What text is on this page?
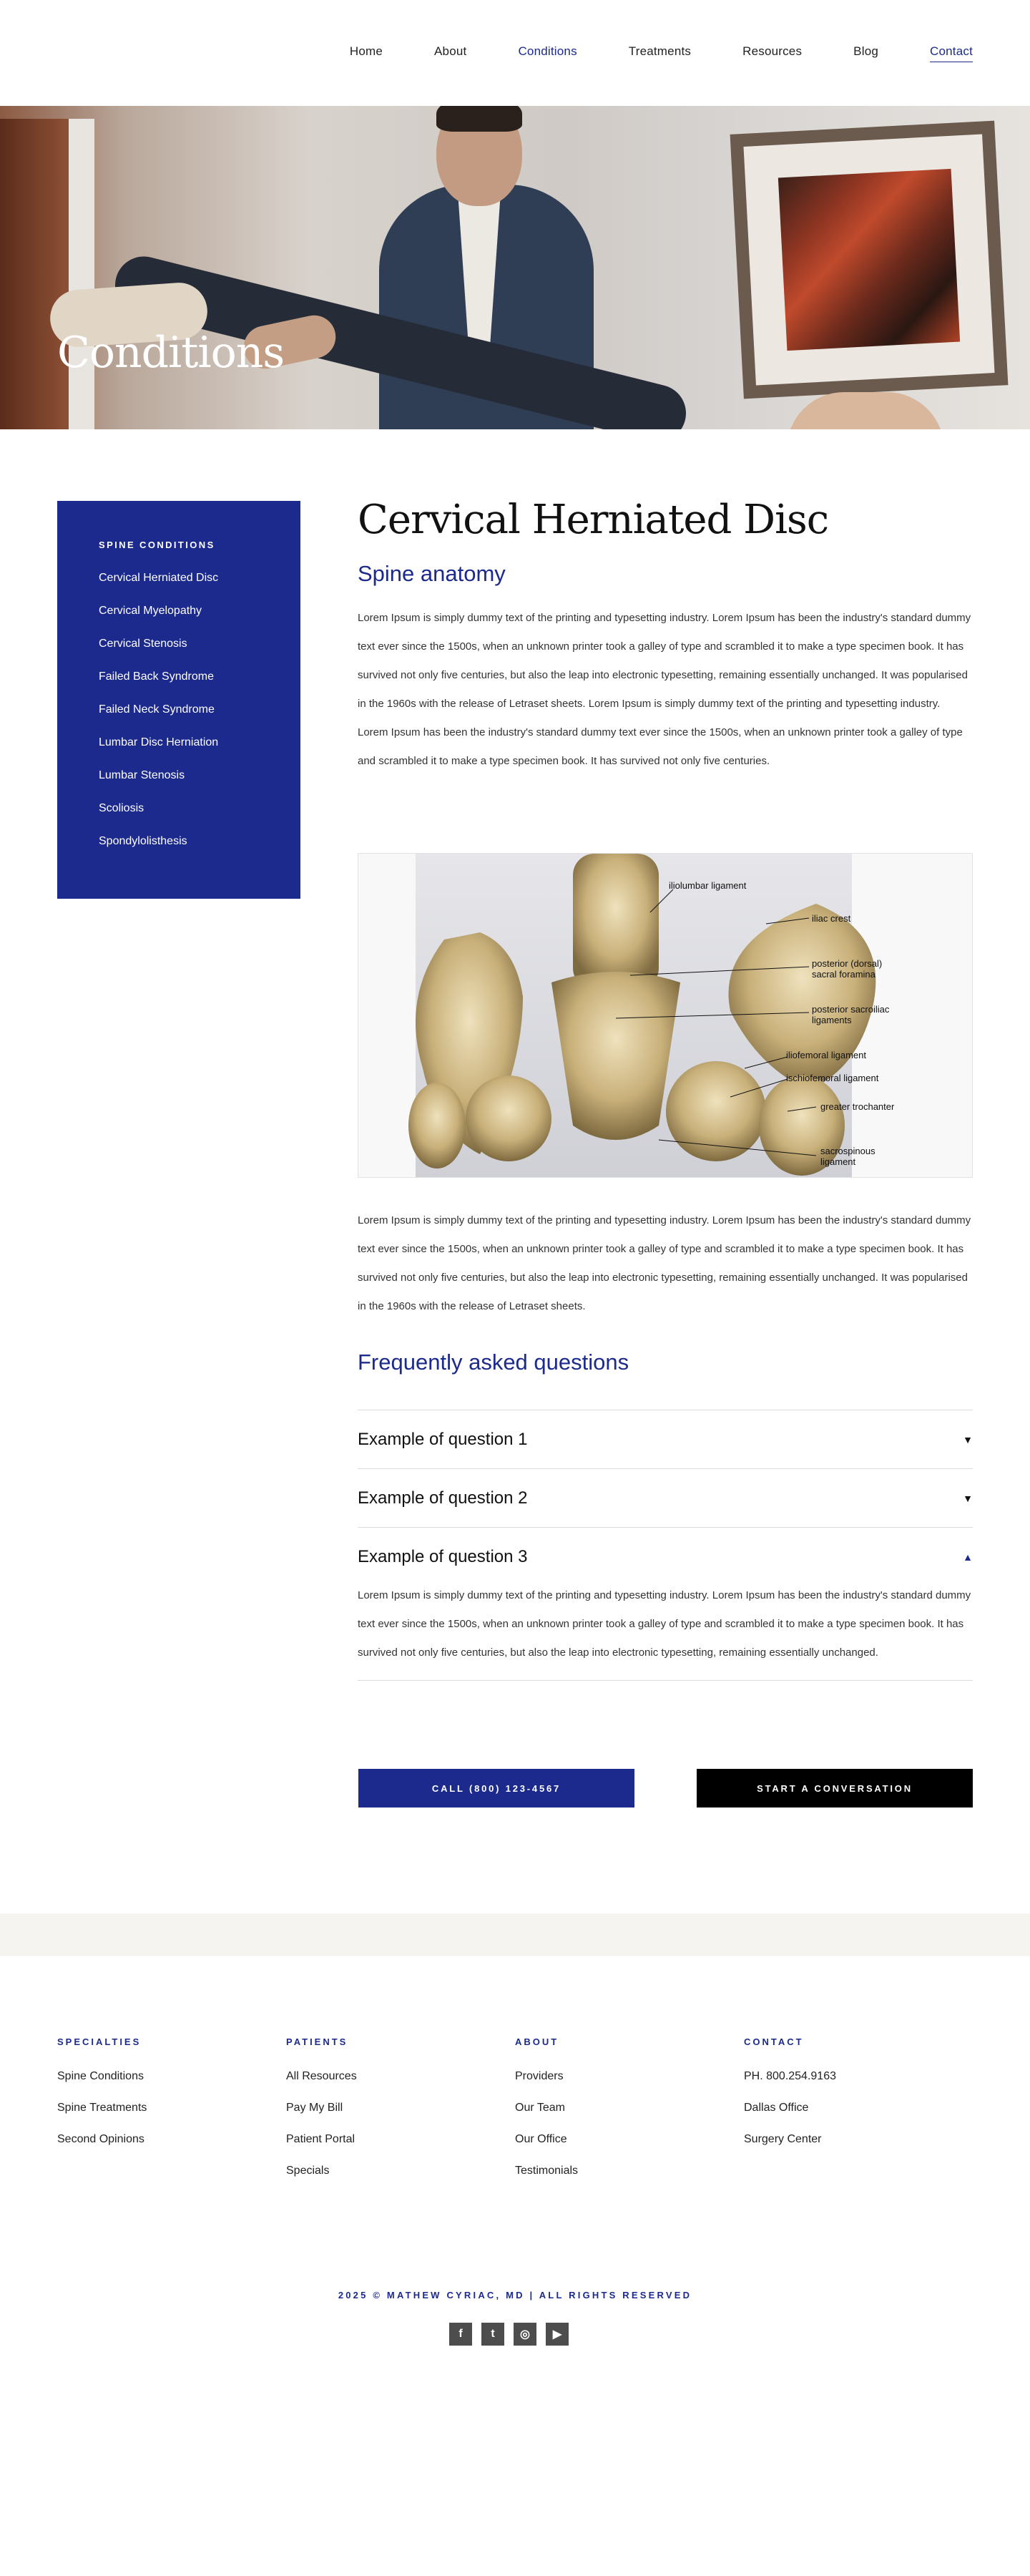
Home	About	Conditions	Treatments	Resources	Blog	Contact
Conditions
SPINE CONDITIONS
Cervical Herniated Disc
Cervical Myelopathy
Cervical Stenosis
Failed Back Syndrome
Failed Neck Syndrome
Lumbar Disc Herniation
Lumbar Stenosis
Scoliosis
Spondylolisthesis
Cervical Herniated Disc
Spine anatomy

Lorem Ipsum is simply dummy text of the printing and typesetting industry. Lorem Ipsum has been the industry's standard dummy text ever since the 1500s, when an unknown printer took a galley of type and scrambled it to make a type specimen book. It has survived not only five centuries, but also the leap into electronic typesetting, remaining essentially unchanged. It was popularised in the 1960s with the release of Letraset sheets. Lorem Ipsum is simply dummy text of the printing and typesetting industry. Lorem Ipsum has been the industry's standard dummy text ever since the 1500s, when an unknown printer took a galley of type and scrambled it to make a type specimen book. It has survived not only five centuries.

iliolumbar ligament
iliac crest
posterior (dorsal) sacral foramina
posterior sacroiliac ligaments
iliofemoral ligament
ischiofemoral ligament
greater trochanter
sacrospinous ligament

Lorem Ipsum is simply dummy text of the printing and typesetting industry. Lorem Ipsum has been the industry's standard dummy text ever since the 1500s, when an unknown printer took a galley of type and scrambled it to make a type specimen book. It has survived not only five centuries, but also the leap into electronic typesetting, remaining essentially unchanged. It was popularised in the 1960s with the release of Letraset sheets.

Frequently asked questions
Example of question 1	▼
Example of question 2	▼
Example of question 3	▲

Lorem Ipsum is simply dummy text of the printing and typesetting industry. Lorem Ipsum has been the industry's standard dummy text ever since the 1500s, when an unknown printer took a galley of type and scrambled it to make a type specimen book. It has survived not only five centuries, but also the leap into electronic typesetting, remaining essentially unchanged.

CALL (800) 123-4567	START A CONVERSATION
SPECIALTIES
Spine Conditions
Spine Treatments
Second Opinions
PATIENTS
All Resources
Pay My Bill
Patient Portal
Specials
ABOUT
Providers
Our Team
Our Office
Testimonials
CONTACT
PH. 800.254.9163
Dallas Office
Surgery Center
2025 © MATHEW CYRIAC, MD | ALL RIGHTS RESERVED
f	t	◎	▶
